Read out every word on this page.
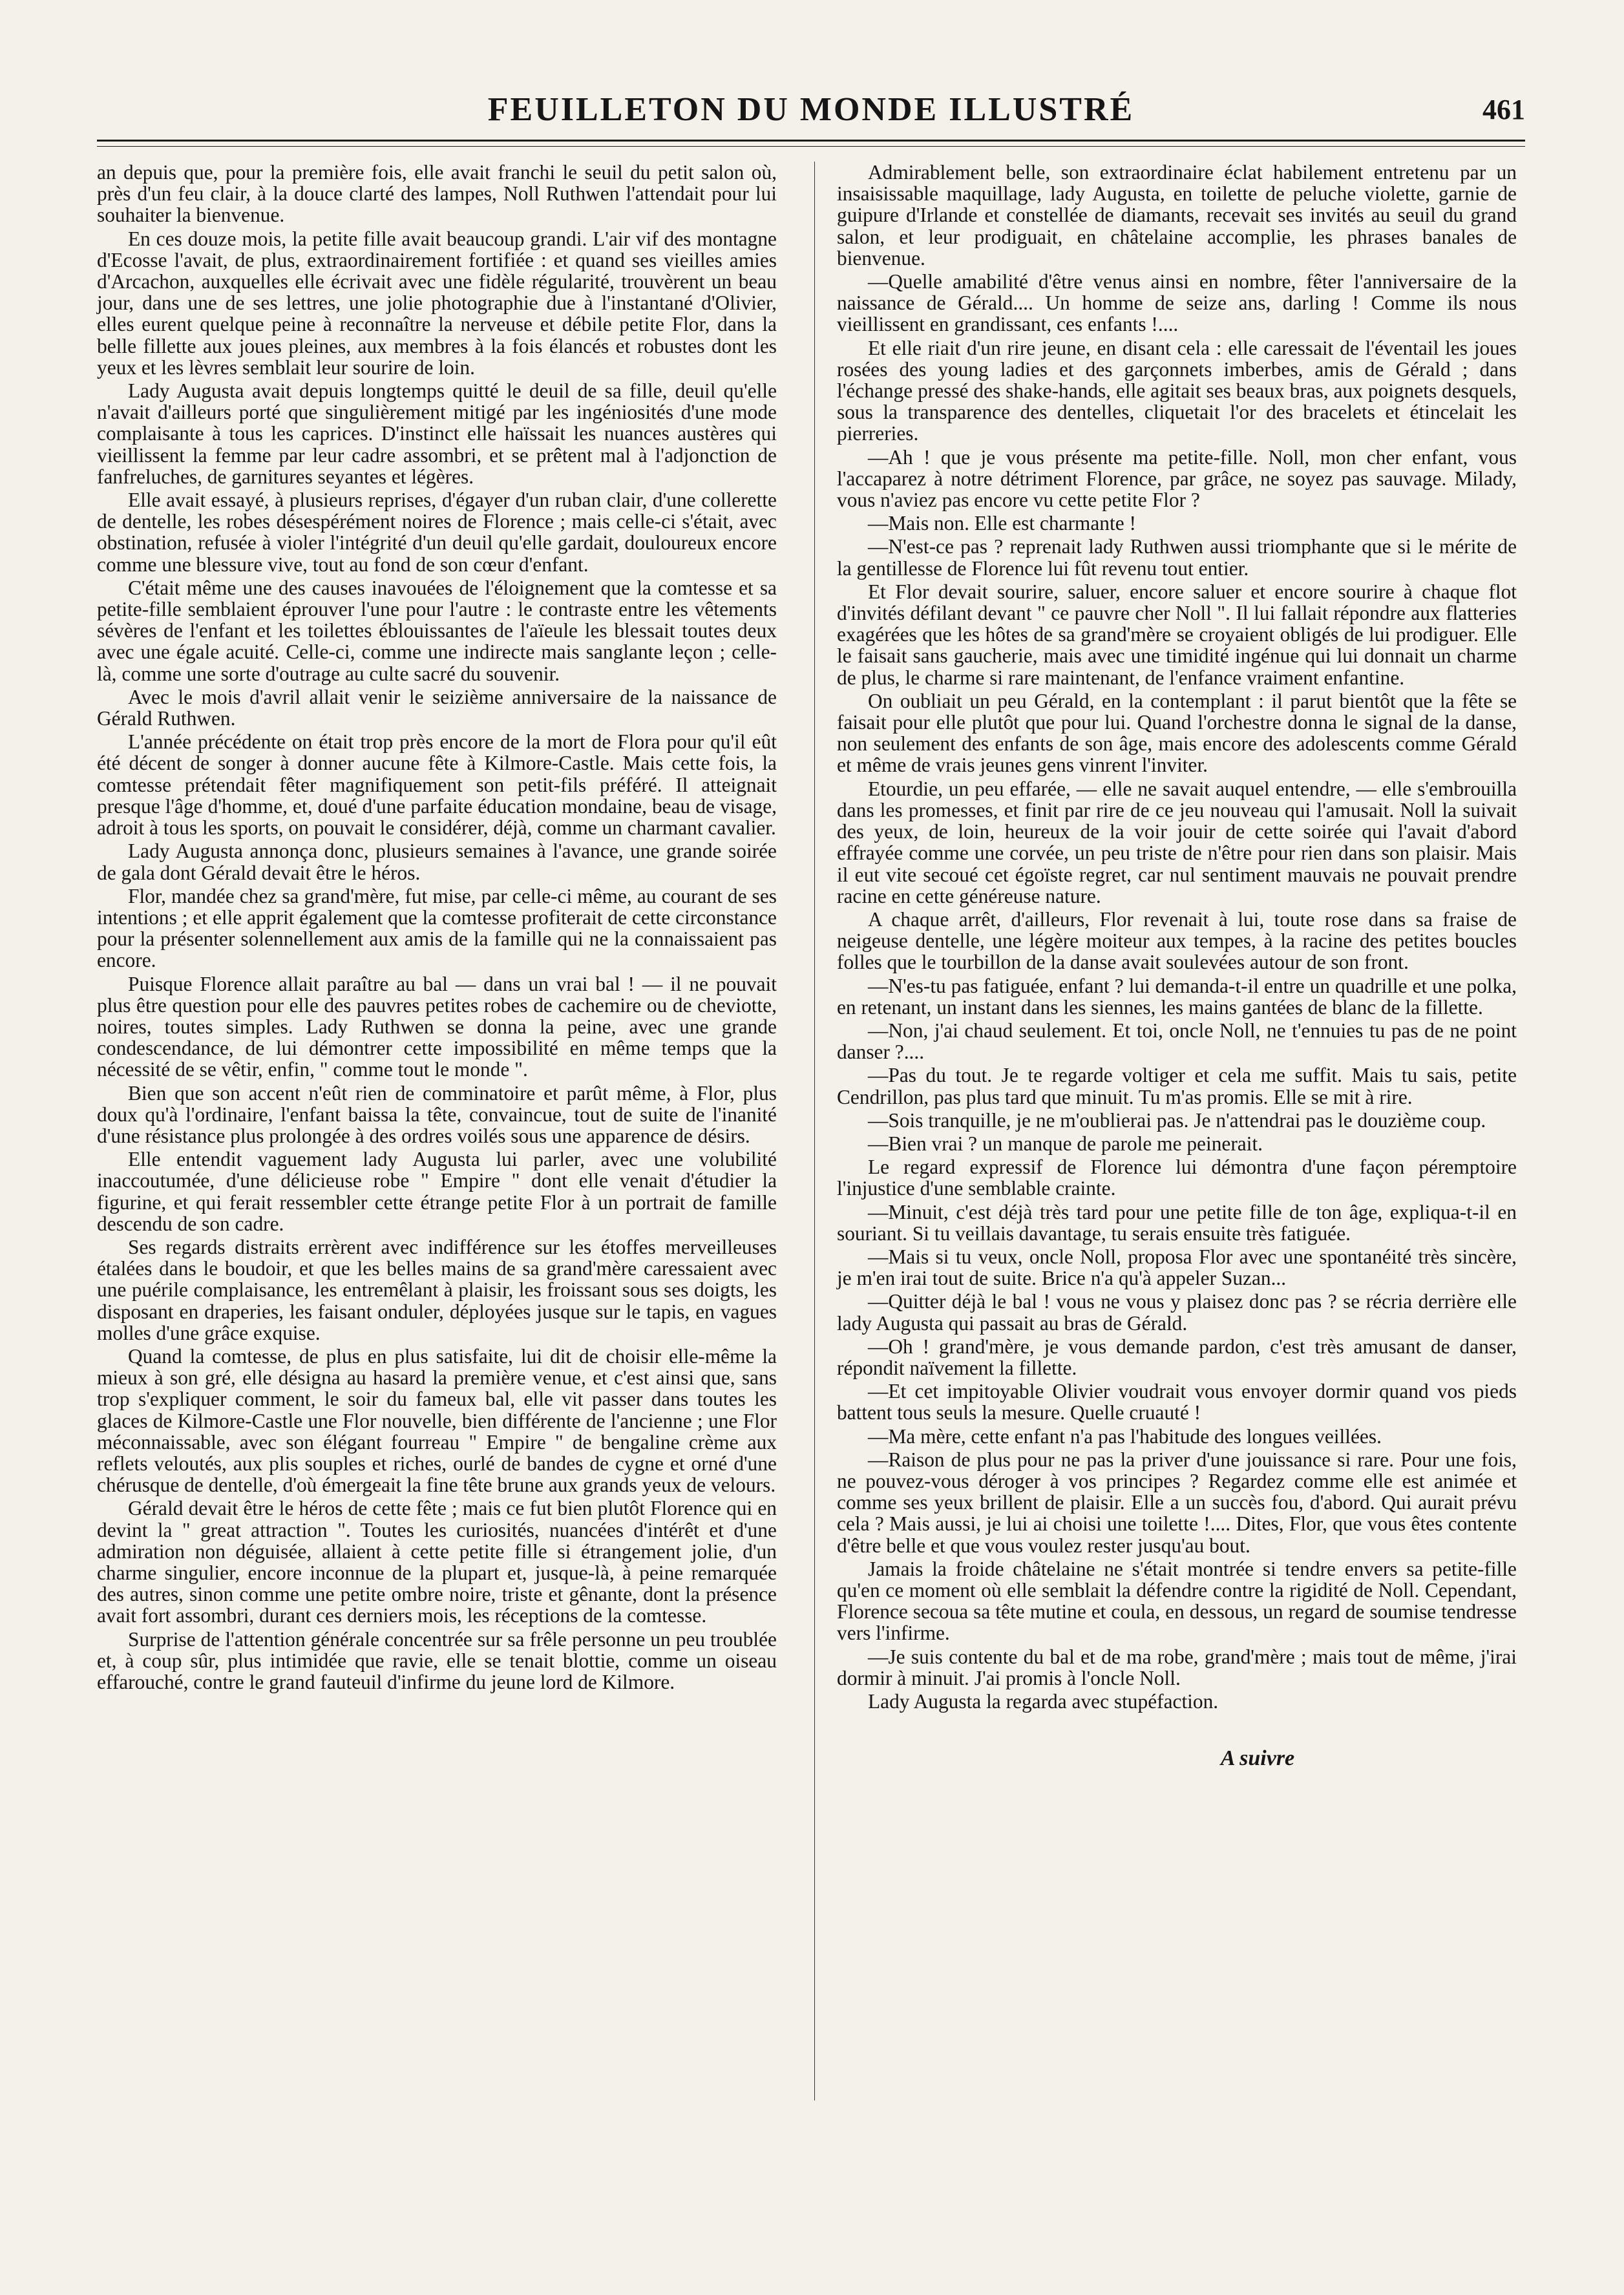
FEUILLETON DU MONDE ILLUSTRÉ	461

an depuis que, pour la première fois, elle avait franchi le seuil du petit salon où, près d'un feu clair, à la douce clarté des lampes, Noll Ruthwen l'attendait pour lui souhaiter la bienvenue.

En ces douze mois, la petite fille avait beaucoup grandi. L'air vif des montagne d'Ecosse l'avait, de plus, extraordinairement fortifiée : et quand ses vieilles amies d'Arcachon, auxquelles elle écrivait avec une fidèle régularité, trouvèrent un beau jour, dans une de ses lettres, une jolie photographie due à l'instantané d'Olivier, elles eurent quelque peine à reconnaître la nerveuse et débile petite Flor, dans la belle fillette aux joues pleines, aux membres à la fois élancés et robustes dont les yeux et les lèvres semblait leur sourire de loin.

Lady Augusta avait depuis longtemps quitté le deuil de sa fille, deuil qu'elle n'avait d'ailleurs porté que singulièrement mitigé par les ingéniosités d'une mode complaisante à tous les caprices. D'instinct elle haïssait les nuances austères qui vieillissent la femme par leur cadre assombri, et se prêtent mal à l'adjonction de fanfreluches, de garnitures seyantes et légères.

Elle avait essayé, à plusieurs reprises, d'égayer d'un ruban clair, d'une collerette de dentelle, les robes désespérément noires de Florence ; mais celle-ci s'était, avec obstination, refusée à violer l'intégrité d'un deuil qu'elle gardait, douloureux encore comme une blessure vive, tout au fond de son cœur d'enfant.

C'était même une des causes inavouées de l'éloignement que la comtesse et sa petite-fille semblaient éprouver l'une pour l'autre : le contraste entre les vêtements sévères de l'enfant et les toilettes éblouissantes de l'aïeule les blessait toutes deux avec une égale acuité. Celle-ci, comme une indirecte mais sanglante leçon ; celle-là, comme une sorte d'outrage au culte sacré du souvenir.

Avec le mois d'avril allait venir le seizième anniversaire de la naissance de Gérald Ruthwen.

L'année précédente on était trop près encore de la mort de Flora pour qu'il eût été décent de songer à donner aucune fête à Kilmore-Castle. Mais cette fois, la comtesse prétendait fêter magnifiquement son petit-fils préféré. Il atteignait presque l'âge d'homme, et, doué d'une parfaite éducation mondaine, beau de visage, adroit à tous les sports, on pouvait le considérer, déjà, comme un charmant cavalier.

Lady Augusta annonça donc, plusieurs semaines à l'avance, une grande soirée de gala dont Gérald devait être le héros.

Flor, mandée chez sa grand'mère, fut mise, par celle-ci même, au courant de ses intentions ; et elle apprit également que la comtesse profiterait de cette circonstance pour la présenter solennellement aux amis de la famille qui ne la connaissaient pas encore.

Puisque Florence allait paraître au bal — dans un vrai bal ! — il ne pouvait plus être question pour elle des pauvres petites robes de cachemire ou de cheviotte, noires, toutes simples. Lady Ruthwen se donna la peine, avec une grande condescendance, de lui démontrer cette impossibilité en même temps que la nécessité de se vêtir, enfin, " comme tout le monde ".

Bien que son accent n'eût rien de comminatoire et parût même, à Flor, plus doux qu'à l'ordinaire, l'enfant baissa la tête, convaincue, tout de suite de l'inanité d'une résistance plus prolongée à des ordres voilés sous une apparence de désirs.

Elle entendit vaguement lady Augusta lui parler, avec une volubilité inaccoutumée, d'une délicieuse robe " Empire " dont elle venait d'étudier la figurine, et qui ferait ressembler cette étrange petite Flor à un portrait de famille descendu de son cadre.

Ses regards distraits errèrent avec indifférence sur les étoffes merveilleuses étalées dans le boudoir, et que les belles mains de sa grand'mère caressaient avec une puérile complaisance, les entremêlant à plaisir, les froissant sous ses doigts, les disposant en draperies, les faisant onduler, déployées jusque sur le tapis, en vagues molles d'une grâce exquise.

Quand la comtesse, de plus en plus satisfaite, lui dit de choisir elle-même la mieux à son gré, elle désigna au hasard la première venue, et c'est ainsi que, sans trop s'expliquer comment, le soir du fameux bal, elle vit passer dans toutes les glaces de Kilmore-Castle une Flor nouvelle, bien différente de l'ancienne ; une Flor méconnaissable, avec son élégant fourreau " Empire " de bengaline crème aux reflets veloutés, aux plis souples et riches, ourlé de bandes de cygne et orné d'une chérusque de dentelle, d'où émergeait la fine tête brune aux grands yeux de velours.

Gérald devait être le héros de cette fête ; mais ce fut bien plutôt Florence qui en devint la " great attraction ". Toutes les curiosités, nuancées d'intérêt et d'une admiration non déguisée, allaient à cette petite fille si étrangement jolie, d'un charme singulier, encore inconnue de la plupart et, jusque-là, à peine remarquée des autres, sinon comme une petite ombre noire, triste et gênante, dont la présence avait fort assombri, durant ces derniers mois, les réceptions de la comtesse.

Surprise de l'attention générale concentrée sur sa frêle personne un peu troublée et, à coup sûr, plus intimidée que ravie, elle se tenait blottie, comme un oiseau effarouché, contre le grand fauteuil d'infirme du jeune lord de Kilmore.

Admirablement belle, son extraordinaire éclat habilement entretenu par un insaisissable maquillage, lady Augusta, en toilette de peluche violette, garnie de guipure d'Irlande et constellée de diamants, recevait ses invités au seuil du grand salon, et leur prodiguait, en châtelaine accomplie, les phrases banales de bienvenue.

—Quelle amabilité d'être venus ainsi en nombre, fêter l'anniversaire de la naissance de Gérald.... Un homme de seize ans, darling ! Comme ils nous vieillissent en grandissant, ces enfants !....

Et elle riait d'un rire jeune, en disant cela : elle caressait de l'éventail les joues rosées des young ladies et des garçonnets imberbes, amis de Gérald ; dans l'échange pressé des shake-hands, elle agitait ses beaux bras, aux poignets desquels, sous la transparence des dentelles, cliquetait l'or des bracelets et étincelait les pierreries.

—Ah ! que je vous présente ma petite-fille. Noll, mon cher enfant, vous l'accaparez à notre détriment Florence, par grâce, ne soyez pas sauvage. Milady, vous n'aviez pas encore vu cette petite Flor ?

—Mais non. Elle est charmante !

—N'est-ce pas ? reprenait lady Ruthwen aussi triomphante que si le mérite de la gentillesse de Florence lui fût revenu tout entier.

Et Flor devait sourire, saluer, encore saluer et encore sourire à chaque flot d'invités défilant devant " ce pauvre cher Noll ". Il lui fallait répondre aux flatteries exagérées que les hôtes de sa grand'mère se croyaient obligés de lui prodiguer. Elle le faisait sans gaucherie, mais avec une timidité ingénue qui lui donnait un charme de plus, le charme si rare maintenant, de l'enfance vraiment enfantine.

On oubliait un peu Gérald, en la contemplant : il parut bientôt que la fête se faisait pour elle plutôt que pour lui. Quand l'orchestre donna le signal de la danse, non seulement des enfants de son âge, mais encore des adolescents comme Gérald et même de vrais jeunes gens vinrent l'inviter.

Etourdie, un peu effarée, — elle ne savait auquel entendre, — elle s'embrouilla dans les promesses, et finit par rire de ce jeu nouveau qui l'amusait. Noll la suivait des yeux, de loin, heureux de la voir jouir de cette soirée qui l'avait d'abord effrayée comme une corvée, un peu triste de n'être pour rien dans son plaisir. Mais il eut vite secoué cet égoïste regret, car nul sentiment mauvais ne pouvait prendre racine en cette généreuse nature.

A chaque arrêt, d'ailleurs, Flor revenait à lui, toute rose dans sa fraise de neigeuse dentelle, une légère moiteur aux tempes, à la racine des petites boucles folles que le tourbillon de la danse avait soulevées autour de son front.

—N'es-tu pas fatiguée, enfant ? lui demanda-t-il entre un quadrille et une polka, en retenant, un instant dans les siennes, les mains gantées de blanc de la fillette.

—Non, j'ai chaud seulement. Et toi, oncle Noll, ne t'ennuies tu pas de ne point danser ?....

—Pas du tout. Je te regarde voltiger et cela me suffit. Mais tu sais, petite Cendrillon, pas plus tard que minuit. Tu m'as promis. Elle se mit à rire.

—Sois tranquille, je ne m'oublierai pas. Je n'attendrai pas le douzième coup.

—Bien vrai ? un manque de parole me peinerait.

Le regard expressif de Florence lui démontra d'une façon péremptoire l'injustice d'une semblable crainte.

—Minuit, c'est déjà très tard pour une petite fille de ton âge, expliqua-t-il en souriant. Si tu veillais davantage, tu serais ensuite très fatiguée.

—Mais si tu veux, oncle Noll, proposa Flor avec une spontanéité très sincère, je m'en irai tout de suite. Brice n'a qu'à appeler Suzan...

—Quitter déjà le bal ! vous ne vous y plaisez donc pas ? se récria derrière elle lady Augusta qui passait au bras de Gérald.

—Oh ! grand'mère, je vous demande pardon, c'est très amusant de danser, répondit naïvement la fillette.

—Et cet impitoyable Olivier voudrait vous envoyer dormir quand vos pieds battent tous seuls la mesure. Quelle cruauté !

—Ma mère, cette enfant n'a pas l'habitude des longues veillées.

—Raison de plus pour ne pas la priver d'une jouissance si rare. Pour une fois, ne pouvez-vous déroger à vos principes ? Regardez comme elle est animée et comme ses yeux brillent de plaisir. Elle a un succès fou, d'abord. Qui aurait prévu cela ? Mais aussi, je lui ai choisi une toilette !.... Dites, Flor, que vous êtes contente d'être belle et que vous voulez rester jusqu'au bout.

Jamais la froide châtelaine ne s'était montrée si tendre envers sa petite-fille qu'en ce moment où elle semblait la défendre contre la rigidité de Noll. Cependant, Florence secoua sa tête mutine et coula, en dessous, un regard de soumise tendresse vers l'infirme.

—Je suis contente du bal et de ma robe, grand'mère ; mais tout de même, j'irai dormir à minuit. J'ai promis à l'oncle Noll.

Lady Augusta la regarda avec stupéfaction.

A suivre
